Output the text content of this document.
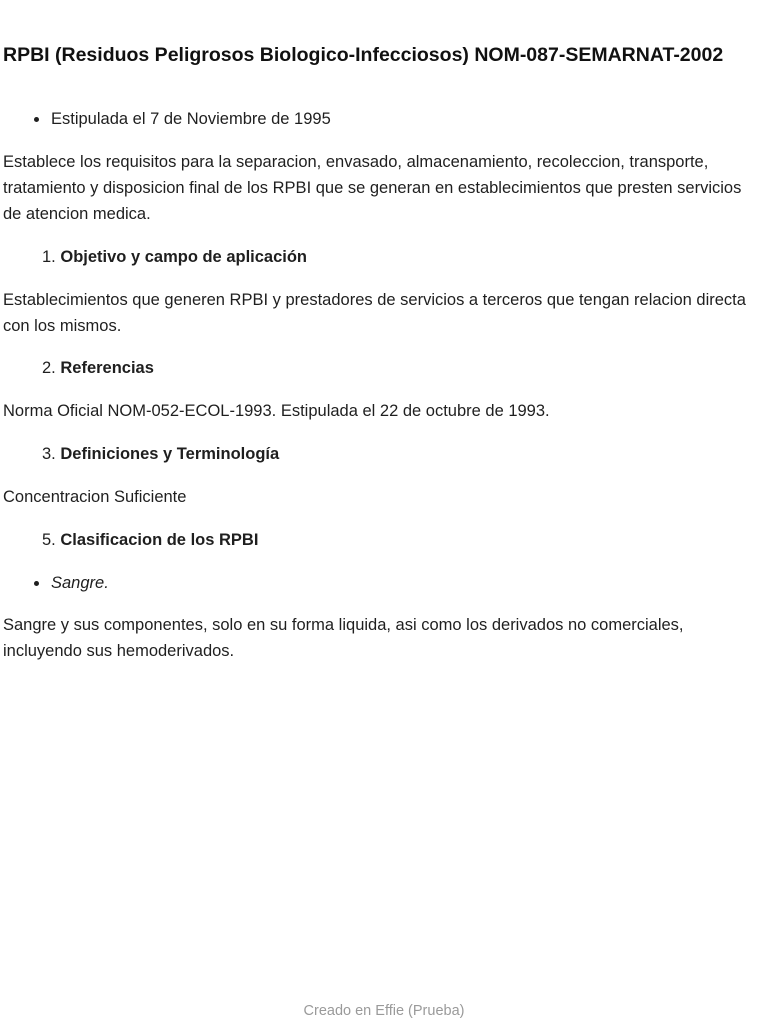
RPBI (Residuos Peligrosos Biologico-Infecciosos) NOM-087-SEMARNAT-2002

Estipulada el 7 de Noviembre de 1995

Establece los requisitos para la separacion, envasado, almacenamiento, recoleccion, transporte, tratamiento y disposicion final de los RPBI que se generan en establecimientos que presten servicios de atencion medica.

1. Objetivo y campo de aplicación

Establecimientos que generen RPBI y prestadores de servicios a terceros que tengan relacion directa con los mismos.

2. Referencias

Norma Oficial NOM-052-ECOL-1993. Estipulada el 22 de octubre de 1993.

3. Definiciones y Terminología

Concentracion Suficiente

5. Clasificacion de los RPBI

Sangre.

Sangre y sus componentes, solo en su forma liquida, asi como los derivados no comerciales, incluyendo sus hemoderivados.

Creado en Effie (Prueba)
